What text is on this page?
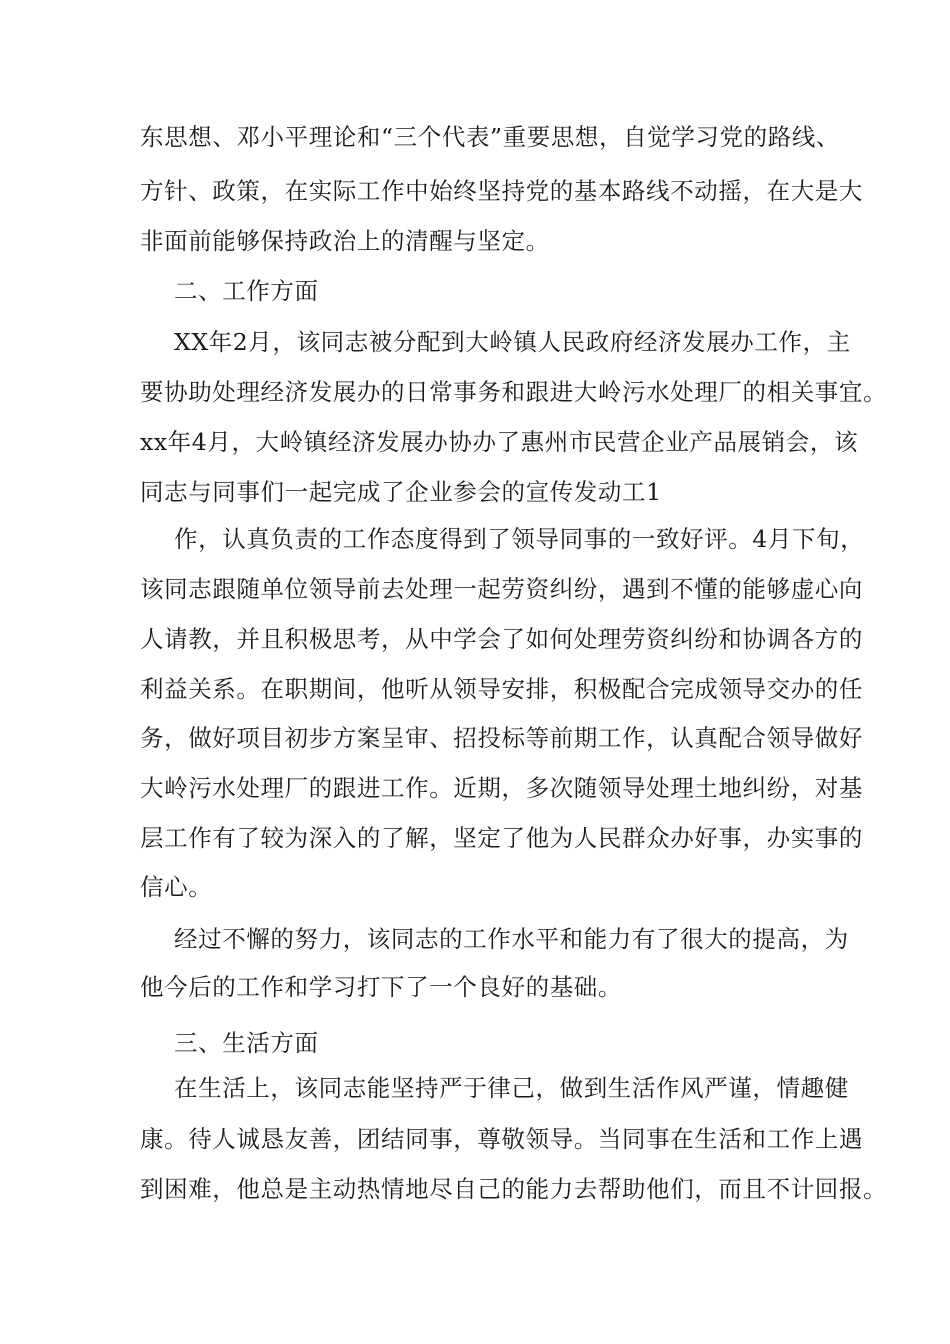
东思想、邓小平理论和“三个代表”重要思想，自觉学习党的路线、
方针、政策，在实际工作中始终坚持党的基本路线不动摇，在大是大
非面前能够保持政治上的清醒与坚定。
二、工作方面
XX年2月，该同志被分配到大岭镇人民政府经济发展办工作，主
要协助处理经济发展办的日常事务和跟进大岭污水处理厂的相关事宜。
xx年4月，大岭镇经济发展办协办了惠州市民营企业产品展销会，该
同志与同事们一起完成了企业参会的宣传发动工1
作，认真负责的工作态度得到了领导同事的一致好评。4月下旬，
该同志跟随单位领导前去处理一起劳资纠纷，遇到不懂的能够虚心向
人请教，并且积极思考，从中学会了如何处理劳资纠纷和协调各方的
利益关系。在职期间，他听从领导安排，积极配合完成领导交办的任
务，做好项目初步方案呈审、招投标等前期工作，认真配合领导做好
大岭污水处理厂的跟进工作。近期，多次随领导处理土地纠纷，对基
层工作有了较为深入的了解，坚定了他为人民群众办好事，办实事的
信心。
经过不懈的努力，该同志的工作水平和能力有了很大的提高，为
他今后的工作和学习打下了一个良好的基础。
三、生活方面
在生活上，该同志能坚持严于律己，做到生活作风严谨，情趣健
康。待人诚恳友善，团结同事，尊敬领导。当同事在生活和工作上遇
到困难，他总是主动热情地尽自己的能力去帮助他们，而且不计回报。
